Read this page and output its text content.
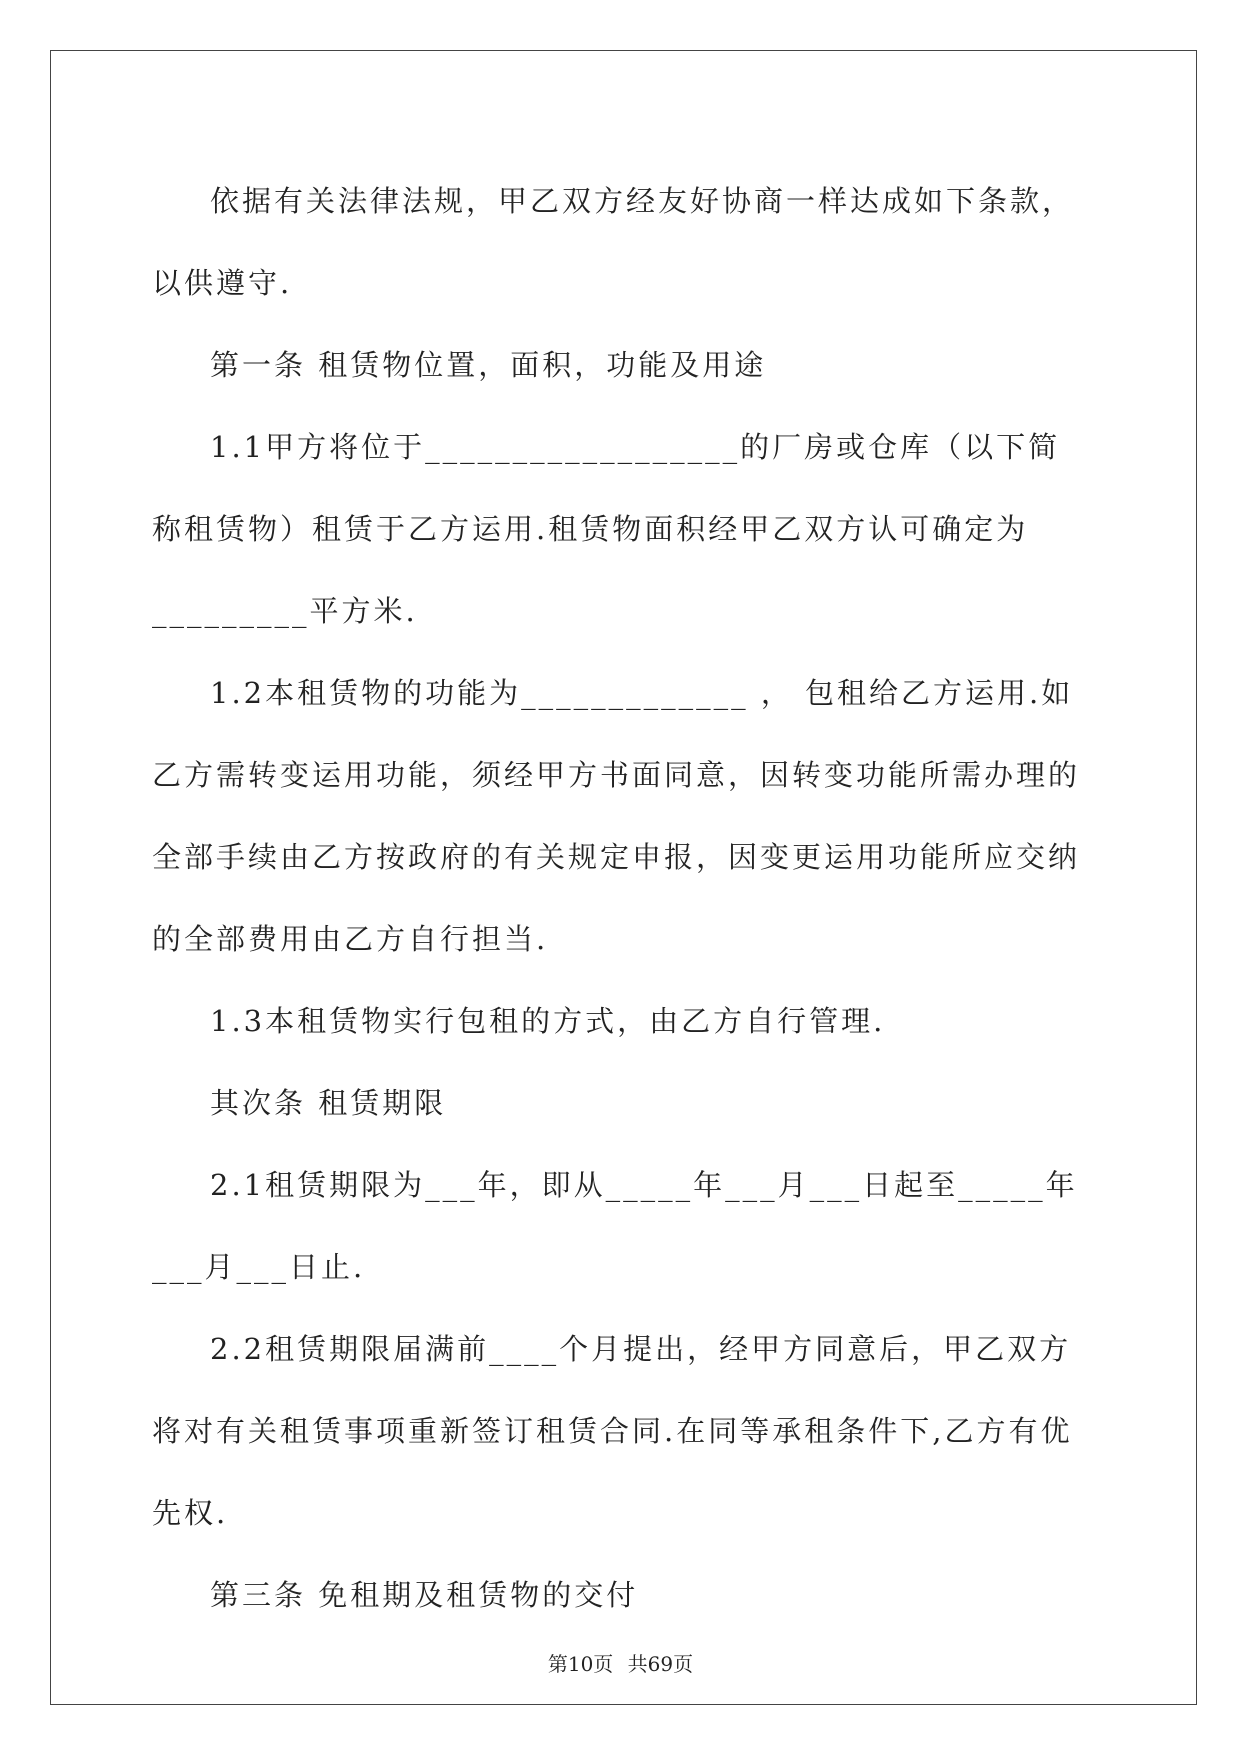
依据有关法律法规，甲乙双方经友好协商一样达成如下条款，以供遵守.

第一条 租赁物位置，面积，功能及用途

1.1甲方将位于__________________的厂房或仓库（以下简称租赁物）租赁于乙方运用.租赁物面积经甲乙双方认可确定为_________平方米.

1.2本租赁物的功能为_____________ ， 包租给乙方运用.如乙方需转变运用功能，须经甲方书面同意，因转变功能所需办理的全部手续由乙方按政府的有关规定申报，因变更运用功能所应交纳的全部费用由乙方自行担当.

1.3本租赁物实行包租的方式，由乙方自行管理.

其次条 租赁期限

2.1租赁期限为___年，即从_____年___月___日起至_____年___月___日止.

2.2租赁期限届满前____个月提出，经甲方同意后，甲乙双方将对有关租赁事项重新签订租赁合同.在同等承租条件下,乙方有优先权.

第三条 免租期及租赁物的交付

第10页 共69页
